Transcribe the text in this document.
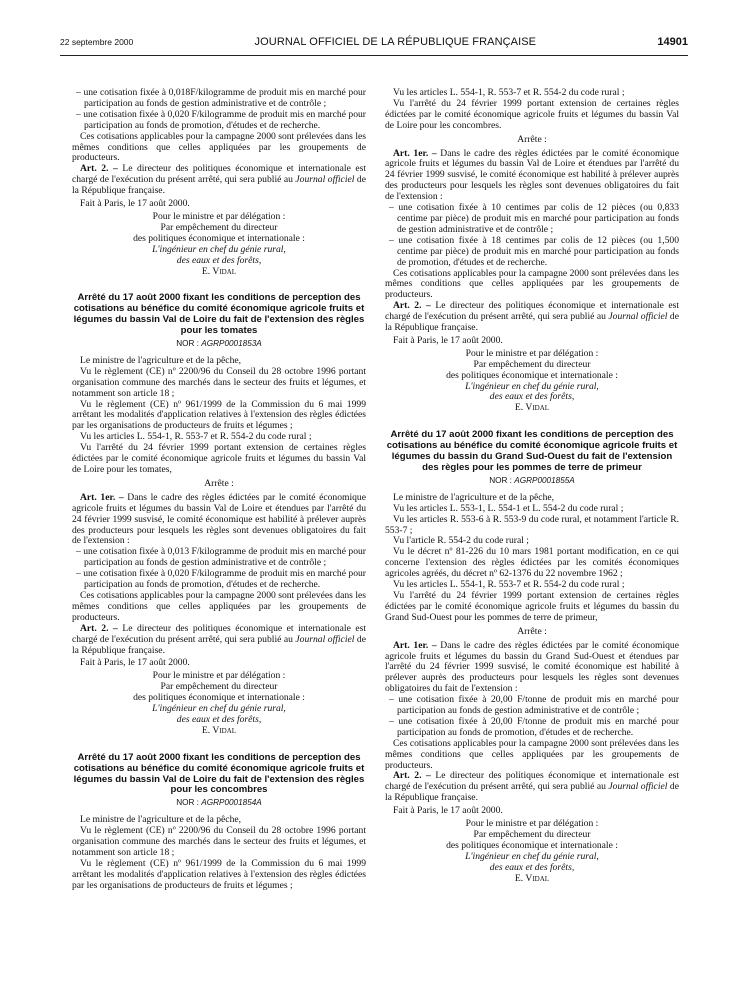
22 septembre 2000	JOURNAL OFFICIEL DE LA RÉPUBLIQUE FRANÇAISE	14901

– une cotisation fixée à 0,018F/kilogramme de produit mis en marché pour participation au fonds de gestion administrative et de contrôle ;

– une cotisation fixée à 0,020 F/kilogramme de produit mis en marché pour participation au fonds de promotion, d'études et de recherche.

Ces cotisations applicables pour la campagne 2000 sont prélevées dans les mêmes conditions que celles appliquées par les groupements de producteurs.

Art. 2. – Le directeur des politiques économique et internationale est chargé de l'exécution du présent arrêté, qui sera publié au Journal officiel de la République française.

Fait à Paris, le 17 août 2000.

Pour le ministre et par délégation :

Par empêchement du directeur

des politiques économique et internationale :

L'ingénieur en chef du génie rural,

des eaux et des forêts,

E. Vidal

Arrêté du 17 août 2000 fixant les conditions de perception des cotisations au bénéfice du comité économique agricole fruits et légumes du bassin Val de Loire du fait de l'extension des règles pour les tomates
NOR : AGRP0001853A

Le ministre de l'agriculture et de la pêche,

Vu le règlement (CE) nº 2200/96 du Conseil du 28 octobre 1996 portant organisation commune des marchés dans le secteur des fruits et légumes, et notamment son article 18 ;

Vu le règlement (CE) nº 961/1999 de la Commission du 6 mai 1999 arrêtant les modalités d'application relatives à l'extension des règles édictées par les organisations de producteurs de fruits et légumes ;

Vu les articles L. 554-1, R. 553-7 et R. 554-2 du code rural ;

Vu l'arrêté du 24 février 1999 portant extension de certaines règles édictées par le comité économique agricole fruits et légumes du bassin Val de Loire pour les tomates,

Arrête :

Art. 1er. – Dans le cadre des règles édictées par le comité économique agricole fruits et légumes du bassin Val de Loire et étendues par l'arrêté du 24 février 1999 susvisé, le comité économique est habilité à prélever auprès des producteurs pour lesquels les règles sont devenues obligatoires du fait de l'extension :

– une cotisation fixée à 0,013 F/kilogramme de produit mis en marché pour participation au fonds de gestion administrative et de contrôle ;

– une cotisation fixée à 0,020 F/kilogramme de produit mis en marché pour participation au fonds de promotion, d'études et de recherche.

Ces cotisations applicables pour la campagne 2000 sont prélevées dans les mêmes conditions que celles appliquées par les groupements de producteurs.

Art. 2. – Le directeur des politiques économique et internationale est chargé de l'exécution du présent arrêté, qui sera publié au Journal officiel de la République française.

Fait à Paris, le 17 août 2000.

Pour le ministre et par délégation :

Par empêchement du directeur

des politiques économique et internationale :

L'ingénieur en chef du génie rural,

des eaux et des forêts,

E. Vidal

Arrêté du 17 août 2000 fixant les conditions de perception des cotisations au bénéfice du comité économique agricole fruits et légumes du bassin Val de Loire du fait de l'extension des règles pour les concombres
NOR : AGRP0001854A

Le ministre de l'agriculture et de la pêche,

Vu le règlement (CE) nº 2200/96 du Conseil du 28 octobre 1996 portant organisation commune des marchés dans le secteur des fruits et légumes, et notamment son article 18 ;

Vu le règlement (CE) nº 961/1999 de la Commission du 6 mai 1999 arrêtant les modalités d'application relatives à l'extension des règles édictées par les organisations de producteurs de fruits et légumes ;

Vu les articles L. 554-1, R. 553-7 et R. 554-2 du code rural ;

Vu l'arrêté du 24 février 1999 portant extension de certaines règles édictées par le comité économique agricole fruits et légumes du bassin Val de Loire pour les concombres.

Arrête :

Art. 1er. – Dans le cadre des règles édictées par le comité économique agricole fruits et légumes du bassin Val de Loire et étendues par l'arrêté du 24 février 1999 susvisé, le comité économique est habilité à prélever auprès des producteurs pour lesquels les règles sont devenues obligatoires du fait de l'extension :

– une cotisation fixée à 10 centimes par colis de 12 pièces (ou 0,833 centime par pièce) de produit mis en marché pour participation au fonds de gestion administrative et de contrôle ;

– une cotisation fixée à 18 centimes par colis de 12 pièces (ou 1,500 centime par pièce) de produit mis en marché pour participation au fonds de promotion, d'études et de recherche.

Ces cotisations applicables pour la campagne 2000 sont prélevées dans les mêmes conditions que celles appliquées par les groupements de producteurs.

Art. 2. – Le directeur des politiques économique et internationale est chargé de l'exécution du présent arrêté, qui sera publié au Journal officiel de la République française.

Fait à Paris, le 17 août 2000.

Pour le ministre et par délégation :

Par empêchement du directeur

des politiques économique et internationale :

L'ingénieur en chef du génie rural,

des eaux et des forêts,

E. Vidal

Arrêté du 17 août 2000 fixant les conditions de perception des cotisations au bénéfice du comité économique agricole fruits et légumes du bassin du Grand Sud-Ouest du fait de l'extension des règles pour les pommes de terre de primeur
NOR : AGRP0001855A

Le ministre de l'agriculture et de la pêche,

Vu les articles L. 553-1, L. 554-1 et L. 554-2 du code rural ;

Vu les articles R. 553-6 à R. 553-9 du code rural, et notamment l'article R. 553-7 ;

Vu l'article R. 554-2 du code rural ;

Vu le décret nº 81-226 du 10 mars 1981 portant modification, en ce qui concerne l'extension des règles édictées par les comités économiques agricoles agréés, du décret nº 62-1376 du 22 novembre 1962 ;

Vu les articles L. 554-1, R. 553-7 et R. 554-2 du code rural ;

Vu l'arrêté du 24 février 1999 portant extension de certaines règles édictées par le comité économique agricole fruits et légumes du bassin du Grand Sud-Ouest pour les pommes de terre de primeur,

Arrête :

Art. 1er. – Dans le cadre des règles édictées par le comité économique agricole fruits et légumes du bassin du Grand Sud-Ouest et étendues par l'arrêté du 24 février 1999 susvisé, le comité économique est habilité à prélever auprès des producteurs pour lesquels les règles sont devenues obligatoires du fait de l'extension :

– une cotisation fixée à 20,00 F/tonne de produit mis en marché pour participation au fonds de gestion administrative et de contrôle ;

– une cotisation fixée à 20,00 F/tonne de produit mis en marché pour participation au fonds de promotion, d'études et de recherche.

Ces cotisations applicables pour la campagne 2000 sont prélevées dans les mêmes conditions que celles appliquées par les groupements de producteurs.

Art. 2. – Le directeur des politiques économique et internationale est chargé de l'exécution du présent arrêté, qui sera publié au Journal officiel de la République française.

Fait à Paris, le 17 août 2000.

Pour le ministre et par délégation :

Par empêchement du directeur

des politiques économique et internationale :

L'ingénieur en chef du génie rural,

des eaux et des forêts,

E. Vidal
